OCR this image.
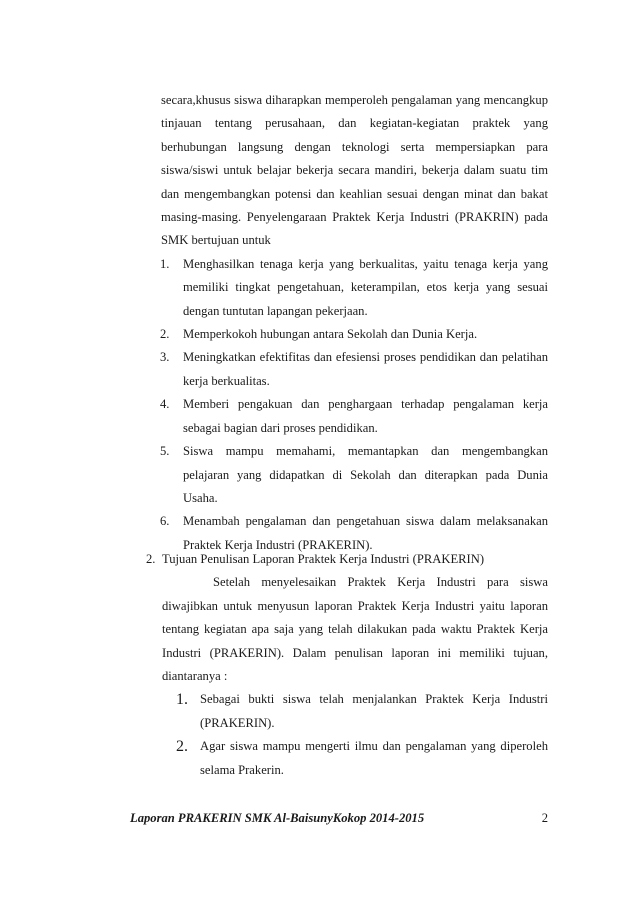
secara,khusus siswa diharapkan memperoleh pengalaman yang mencangkup tinjauan tentang perusahaan, dan kegiatan-kegiatan praktek yang berhubungan langsung dengan teknologi serta mempersiapkan para siswa/siswi untuk belajar bekerja secara mandiri, bekerja dalam suatu tim dan mengembangkan potensi dan keahlian sesuai dengan minat dan bakat masing-masing. Penyelengaraan Praktek Kerja Industri (PRAKRIN) pada SMK bertujuan untuk

1.	Menghasilkan tenaga kerja yang berkualitas, yaitu tenaga kerja yang memiliki tingkat pengetahuan, keterampilan, etos kerja yang sesuai dengan tuntutan lapangan pekerjaan.
2.	Memperkokoh hubungan antara Sekolah dan Dunia Kerja.
3.	Meningkatkan efektifitas dan efesiensi proses pendidikan dan pelatihan kerja berkualitas.
4.	Memberi pengakuan dan penghargaan terhadap pengalaman kerja sebagai bagian dari proses pendidikan.
5.	Siswa mampu memahami, memantapkan dan mengembangkan pelajaran yang didapatkan di Sekolah dan diterapkan pada Dunia Usaha.
6.	Menambah pengalaman dan pengetahuan siswa dalam melaksanakan Praktek Kerja Industri (PRAKERIN).
2. Tujuan Penulisan Laporan Praktek Kerja Industri (PRAKERIN)

Setelah menyelesaikan Praktek Kerja Industri para siswa diwajibkan untuk menyusun laporan Praktek Kerja Industri yaitu laporan tentang kegiatan apa saja yang telah dilakukan pada waktu Praktek Kerja Industri (PRAKERIN). Dalam penulisan laporan ini memiliki tujuan, diantaranya :

1. Sebagai bukti siswa telah menjalankan Praktek Kerja Industri (PRAKERIN).
2. Agar siswa mampu mengerti ilmu dan pengalaman yang diperoleh selama Prakerin.
Laporan PRAKERIN SMK Al-BaisunyKokop 2014-2015	2
